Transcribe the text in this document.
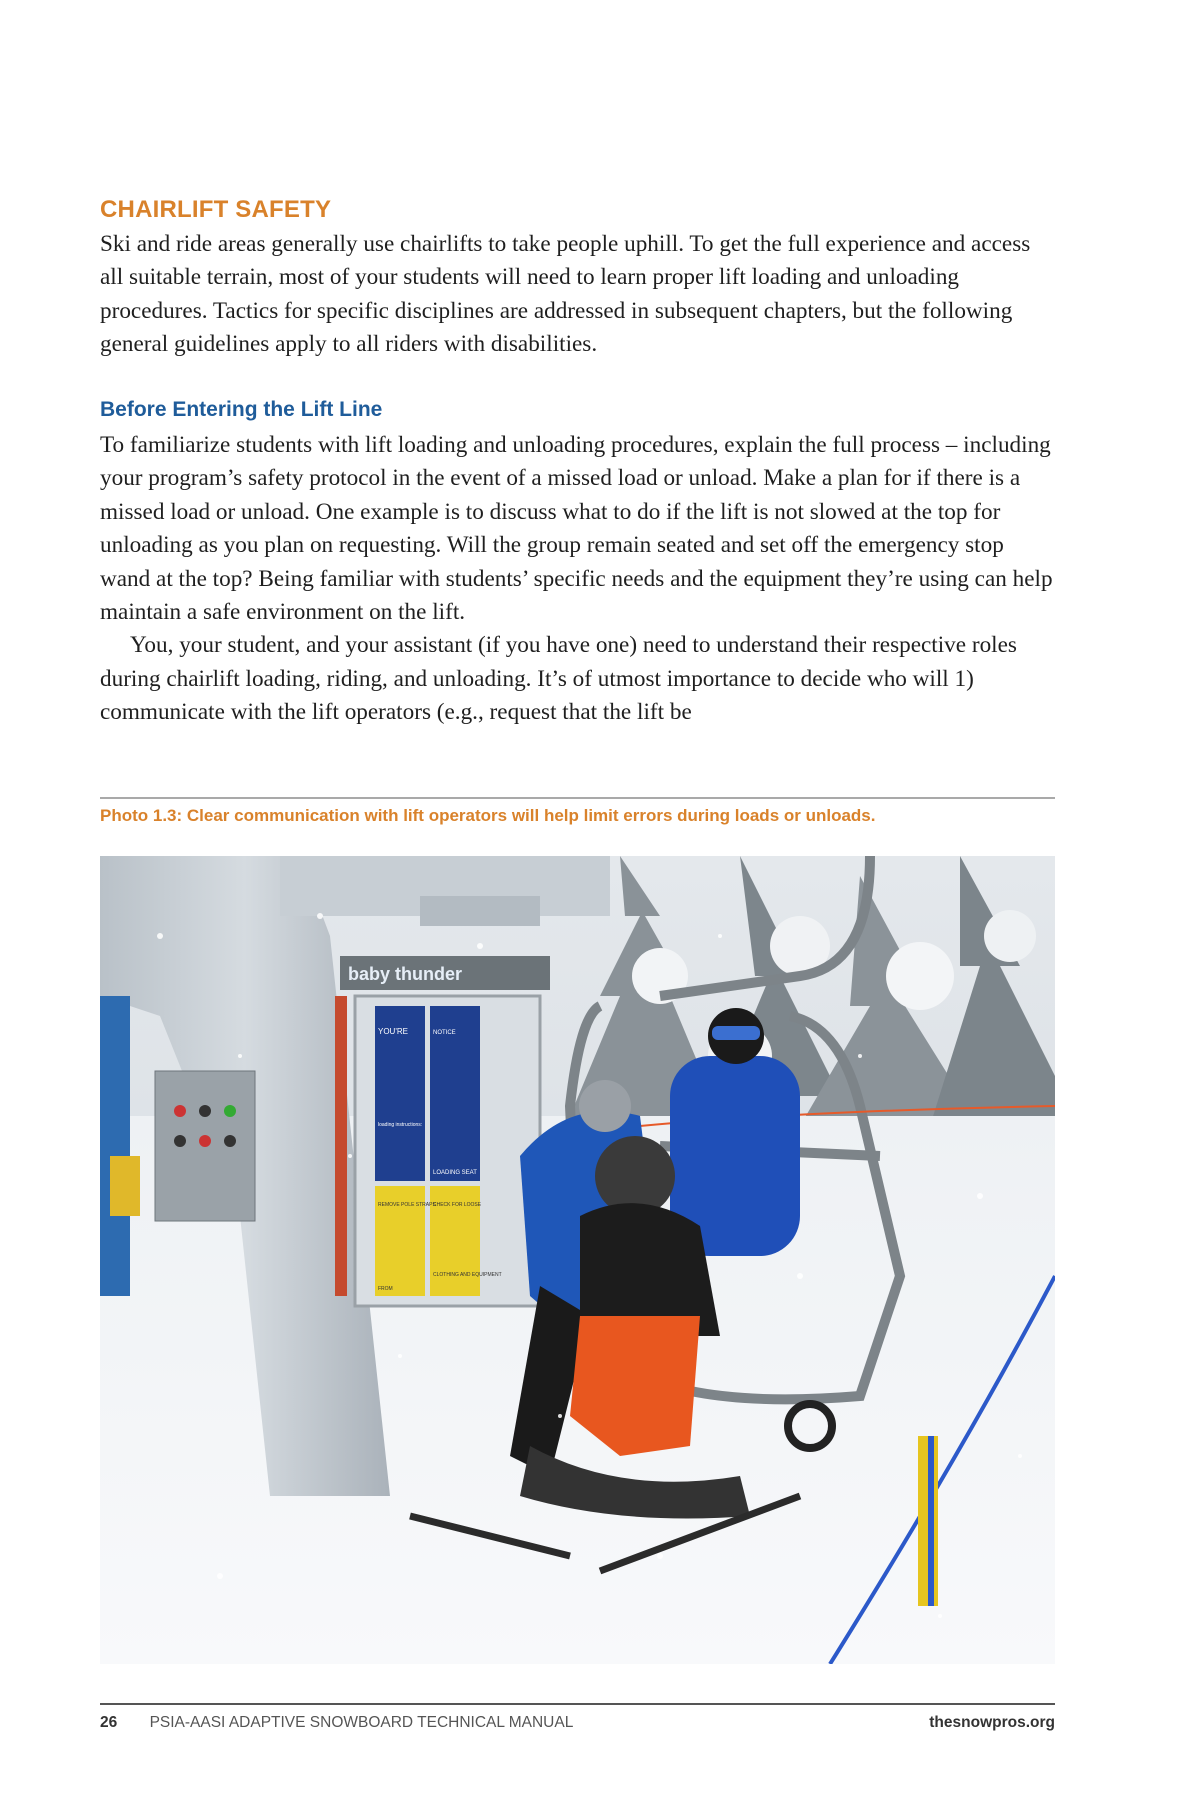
CHAIRLIFT SAFETY

Ski and ride areas generally use chairlifts to take people uphill. To get the full experience and access all suitable terrain, most of your students will need to learn proper lift loading and unloading procedures. Tactics for specific disciplines are addressed in subsequent chapters, but the following general guidelines apply to all riders with disabilities.

Before Entering the Lift Line

To familiarize students with lift loading and unloading procedures, explain the full process – including your program’s safety protocol in the event of a missed load or unload. Make a plan for if there is a missed load or unload. One example is to discuss what to do if the lift is not slowed at the top for unloading as you plan on requesting. Will the group remain seated and set off the emergency stop wand at the top? Being familiar with students’ specific needs and the equipment they’re using can help maintain a safe environment on the lift.

You, your student, and your assistant (if you have one) need to understand their respective roles during chairlift loading, riding, and unloading. It’s of utmost importance to decide who will 1) communicate with the lift operators (e.g., request that the lift be

Photo 1.3: Clear communication with lift operators will help limit errors during loads or unloads.
baby thunder
YOU'RE	NOTICE
loading instructions:
LOADING SEAT
REMOVE POLE STRAPS
CHECK FOR LOOSE
CLOTHING AND EQUIPMENT
FROM
26 PSIA-AASI ADAPTIVE SNOWBOARD TECHNICAL MANUAL	thesnowpros.org
